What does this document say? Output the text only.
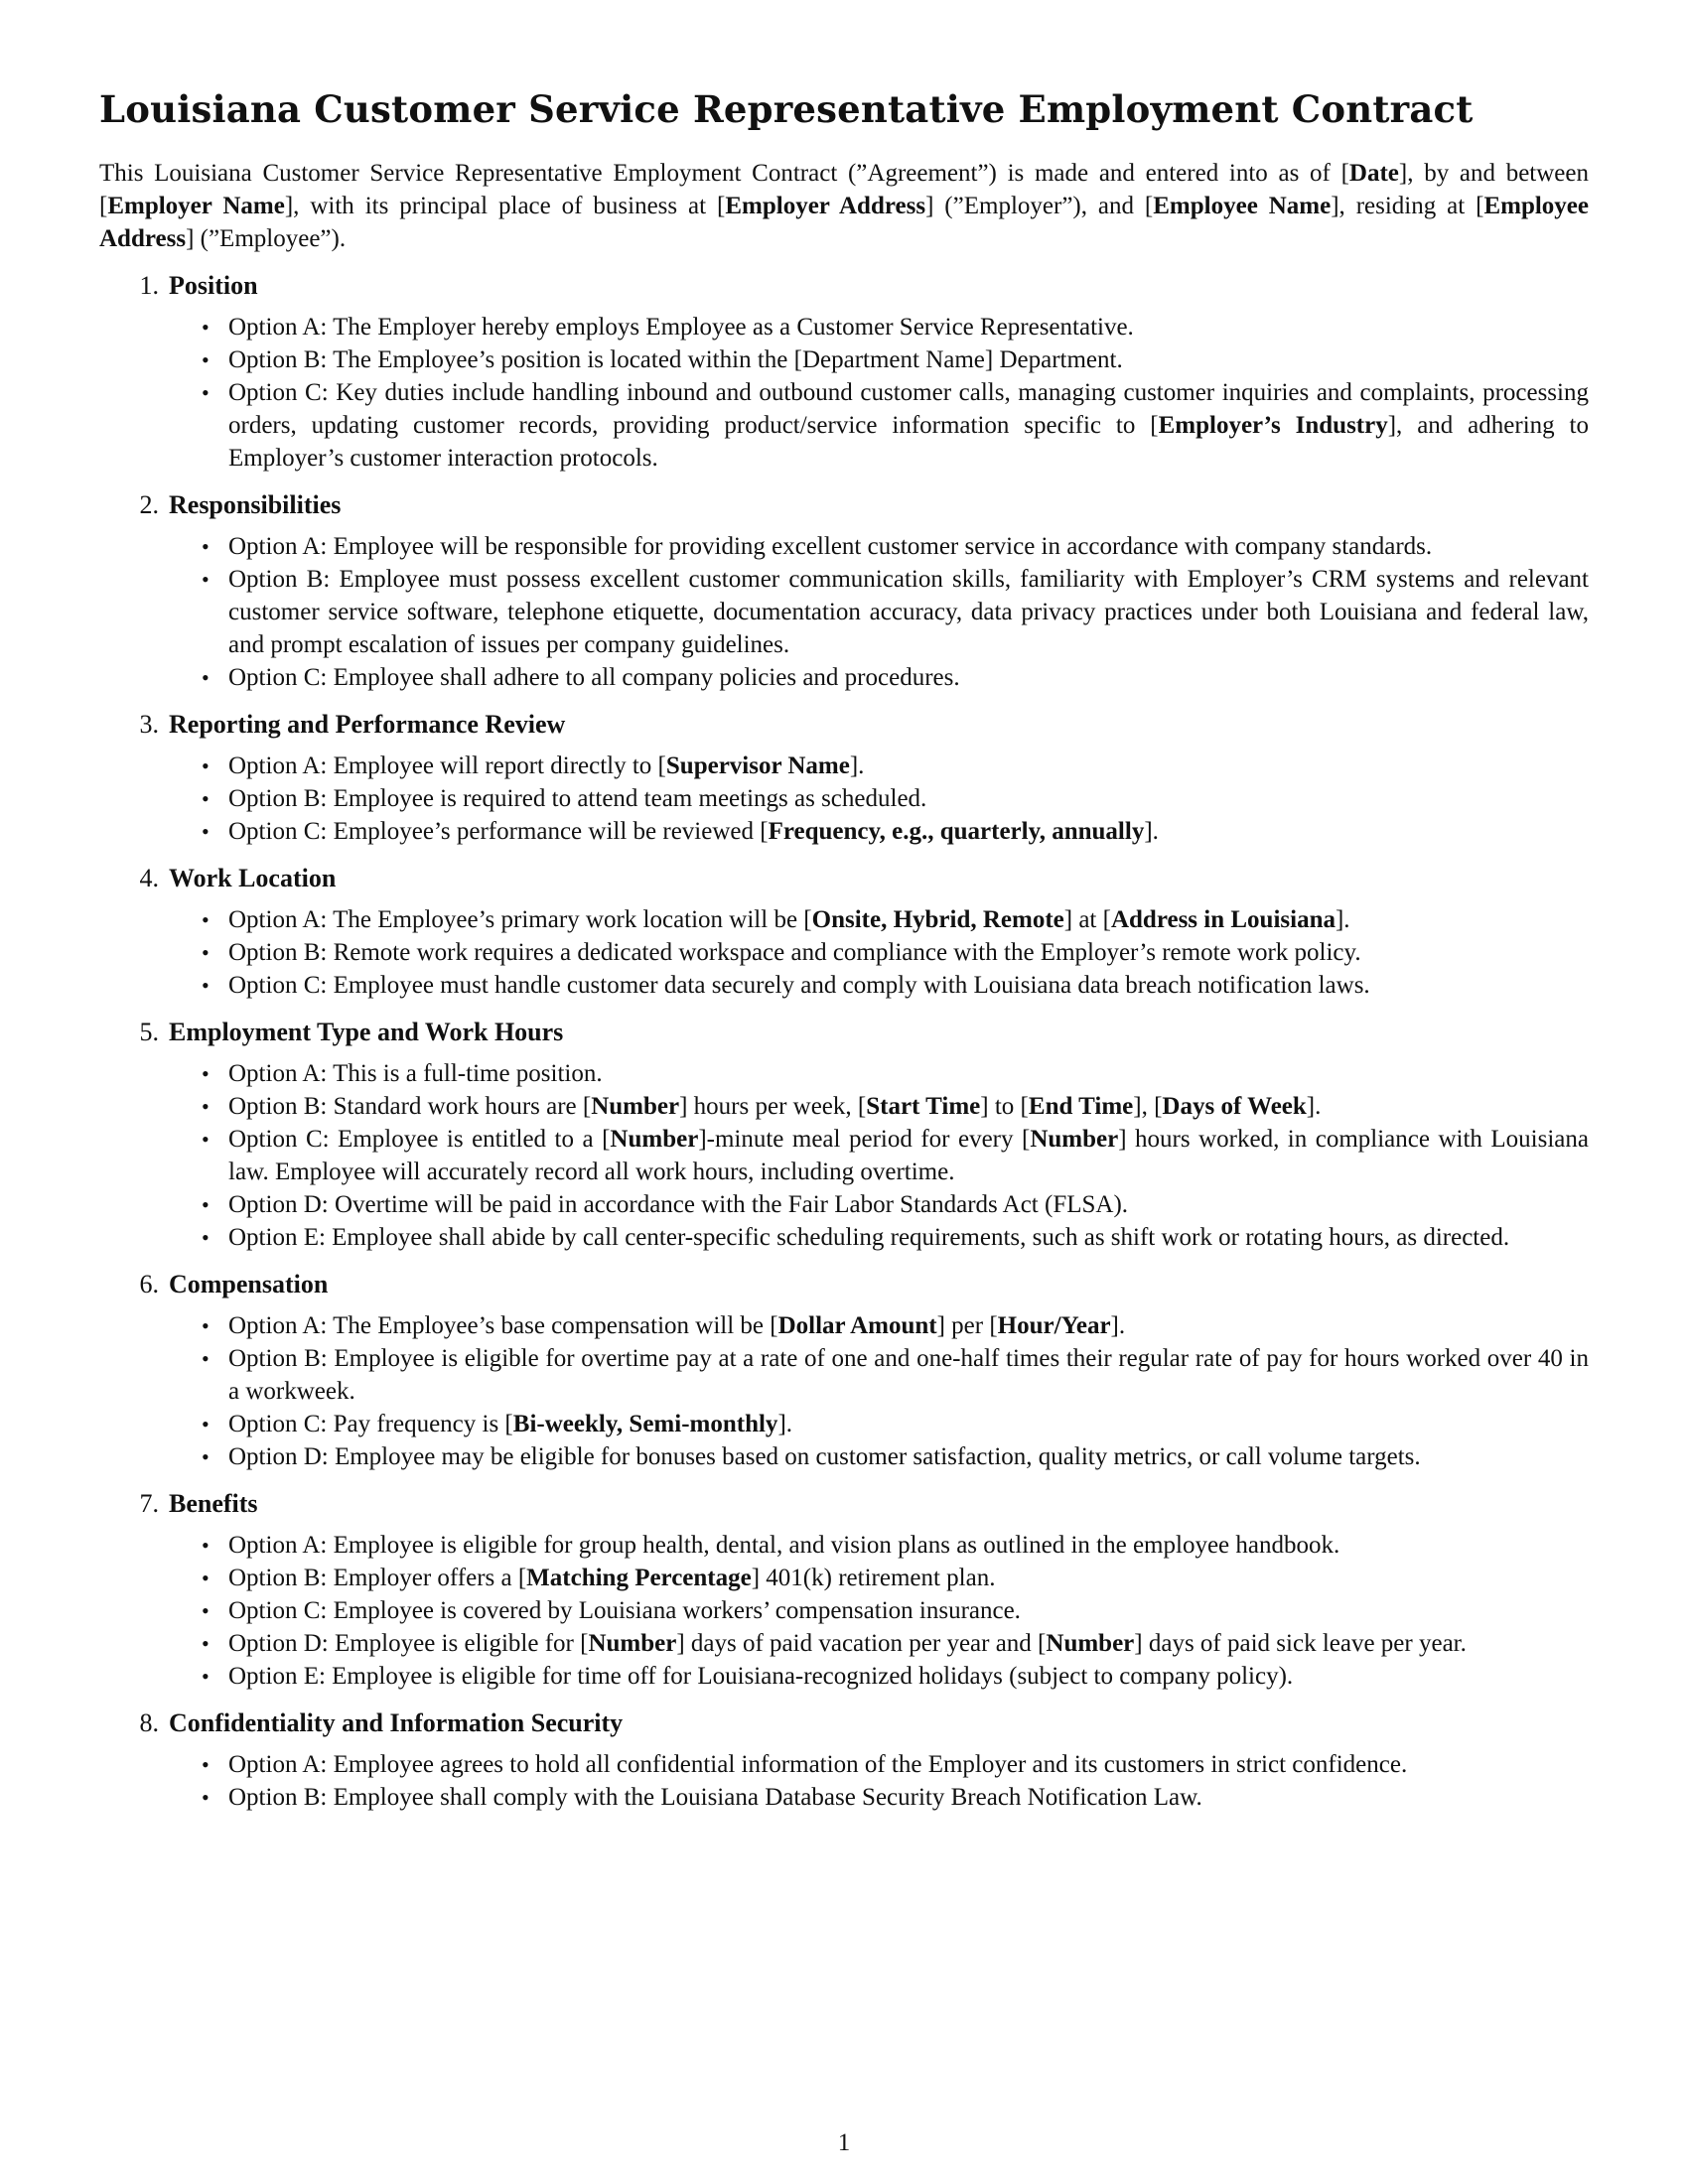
Louisiana Customer Service Representative Employment Contract

This Louisiana Customer Service Representative Employment Contract (”Agreement”) is made and entered into as of [Date], by and between [Employer Name], with its principal place of business at [Employer Address] (”Employer”), and [Employee Name], residing at [Employee Address] (”Employee”).

1. Position
• Option A: The Employer hereby employs Employee as a Customer Service Representative.
• Option B: The Employee’s position is located within the [Department Name] Department.
• Option C: Key duties include handling inbound and outbound customer calls, managing customer inquiries and complaints, processing orders, updating customer records, providing product/service information specific to [Employer’s Industry], and adhering to Employer’s customer interaction protocols.
2. Responsibilities
• Option A: Employee will be responsible for providing excellent customer service in accordance with company standards.
• Option B: Employee must possess excellent customer communication skills, familiarity with Employer’s CRM systems and relevant customer service software, telephone etiquette, documentation accuracy, data privacy practices under both Louisiana and federal law, and prompt escalation of issues per company guidelines.
• Option C: Employee shall adhere to all company policies and procedures.
3. Reporting and Performance Review
• Option A: Employee will report directly to [Supervisor Name].
• Option B: Employee is required to attend team meetings as scheduled.
• Option C: Employee’s performance will be reviewed [Frequency, e.g., quarterly, annually].
4. Work Location
• Option A: The Employee’s primary work location will be [Onsite, Hybrid, Remote] at [Address in Louisiana].
• Option B: Remote work requires a dedicated workspace and compliance with the Employer’s remote work policy.
• Option C: Employee must handle customer data securely and comply with Louisiana data breach notification laws.
5. Employment Type and Work Hours
• Option A: This is a full-time position.
• Option B: Standard work hours are [Number] hours per week, [Start Time] to [End Time], [Days of Week].
• Option C: Employee is entitled to a [Number]-minute meal period for every [Number] hours worked, in compliance with Louisiana law. Employee will accurately record all work hours, including overtime.
• Option D: Overtime will be paid in accordance with the Fair Labor Standards Act (FLSA).
• Option E: Employee shall abide by call center-specific scheduling requirements, such as shift work or rotating hours, as directed.
6. Compensation
• Option A: The Employee’s base compensation will be [Dollar Amount] per [Hour/Year].
• Option B: Employee is eligible for overtime pay at a rate of one and one-half times their regular rate of pay for hours worked over 40 in a workweek.
• Option C: Pay frequency is [Bi-weekly, Semi-monthly].
• Option D: Employee may be eligible for bonuses based on customer satisfaction, quality metrics, or call volume targets.
7. Benefits
• Option A: Employee is eligible for group health, dental, and vision plans as outlined in the employee handbook.
• Option B: Employer offers a [Matching Percentage] 401(k) retirement plan.
• Option C: Employee is covered by Louisiana workers’ compensation insurance.
• Option D: Employee is eligible for [Number] days of paid vacation per year and [Number] days of paid sick leave per year.
• Option E: Employee is eligible for time off for Louisiana-recognized holidays (subject to company policy).
8. Confidentiality and Information Security
• Option A: Employee agrees to hold all confidential information of the Employer and its customers in strict confidence.
• Option B: Employee shall comply with the Louisiana Database Security Breach Notification Law.
1
